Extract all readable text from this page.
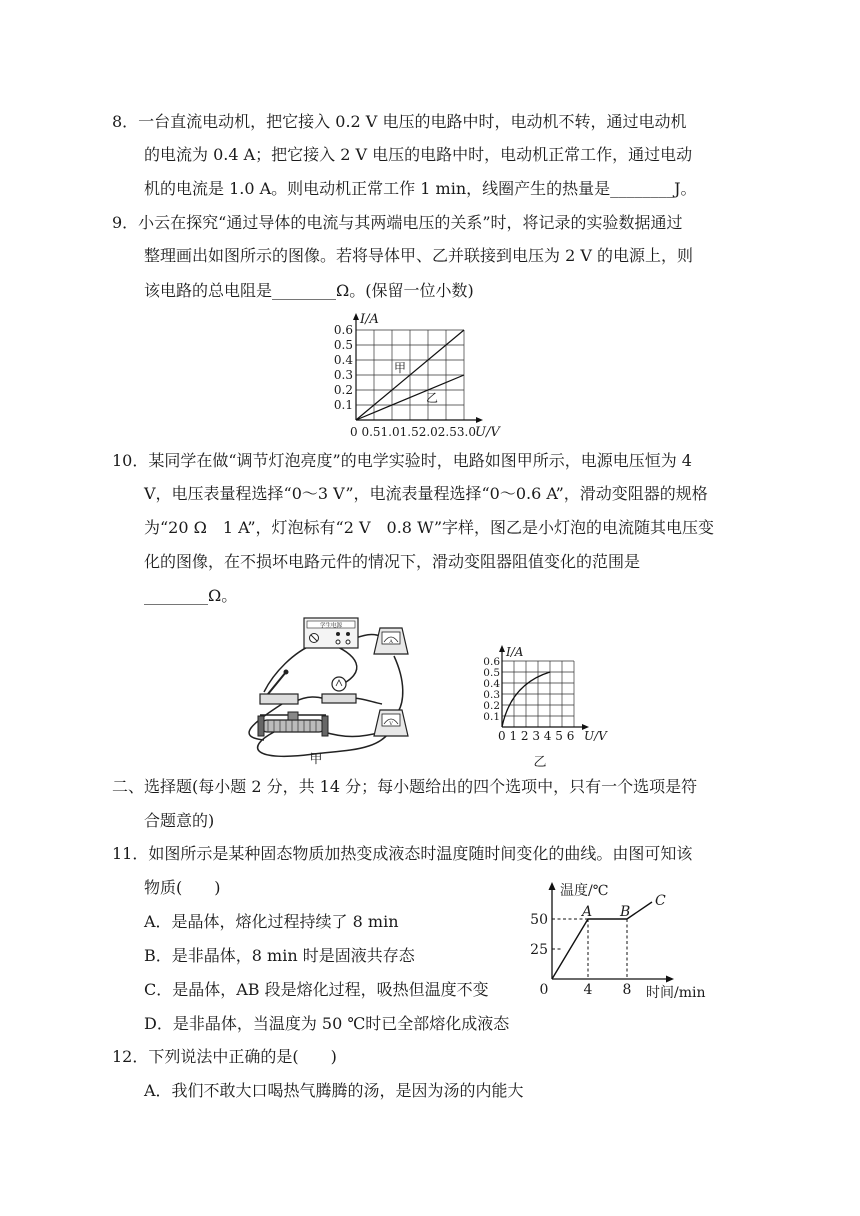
8．一台直流电动机，把它接入 0.2 V 电压的电路中时，电动机不转，通过电动机
的电流为 0.4 A；把它接入 2 V 电压的电路中时，电动机正常工作，通过电动
机的电流是 1.0 A。则电动机正常工作 1 min，线圈产生的热量是________J。
9．小云在探究“通过导体的电流与其两端电压的关系”时，将记录的实验数据通过
整理画出如图所示的图像。若将导体甲、乙并联接到电压为 2 V 的电源上，则
该电路的总电阻是________Ω。(保留一位小数)
I/A
0.6
0.5
0.4
0.3
0.2
0.1
0 0.51.01.52.02.53.0 U/V
甲
乙
10．某同学在做“调节灯泡亮度”的电学实验时，电路如图甲所示，电源电压恒为 4
V，电压表量程选择“0～3 V”，电流表量程选择“0～0.6 A”，滑动变阻器的规格
为“20 Ω　1 A”，灯泡标有“2 V　0.8 W”字样，图乙是小灯泡的电流随其电压变
化的图像，在不损坏电路元件的情况下，滑动变阻器阻值变化的范围是
________Ω。
学生电源
A
V
甲
I/A
0.6
0.5
0.4
0.3
0.2
0.1
0 1 2 3 4 5 6 U/V
乙
二、选择题(每小题 2 分，共 14 分；每小题给出的四个选项中，只有一个选项是符
合题意的)
11．如图所示是某种固态物质加热变成液态时温度随时间变化的曲线。由图可知该
物质(　　)
A．是晶体，熔化过程持续了 8 min
B．是非晶体，8 min 时是固液共存态
C．是晶体，AB 段是熔化过程，吸热但温度不变
D．是非晶体，当温度为 50 ℃时已全部熔化成液态
温度/℃
50
25
0	4 8 时间/min
A B
C
12．下列说法中正确的是(　　)
A．我们不敢大口喝热气腾腾的汤，是因为汤的内能大
